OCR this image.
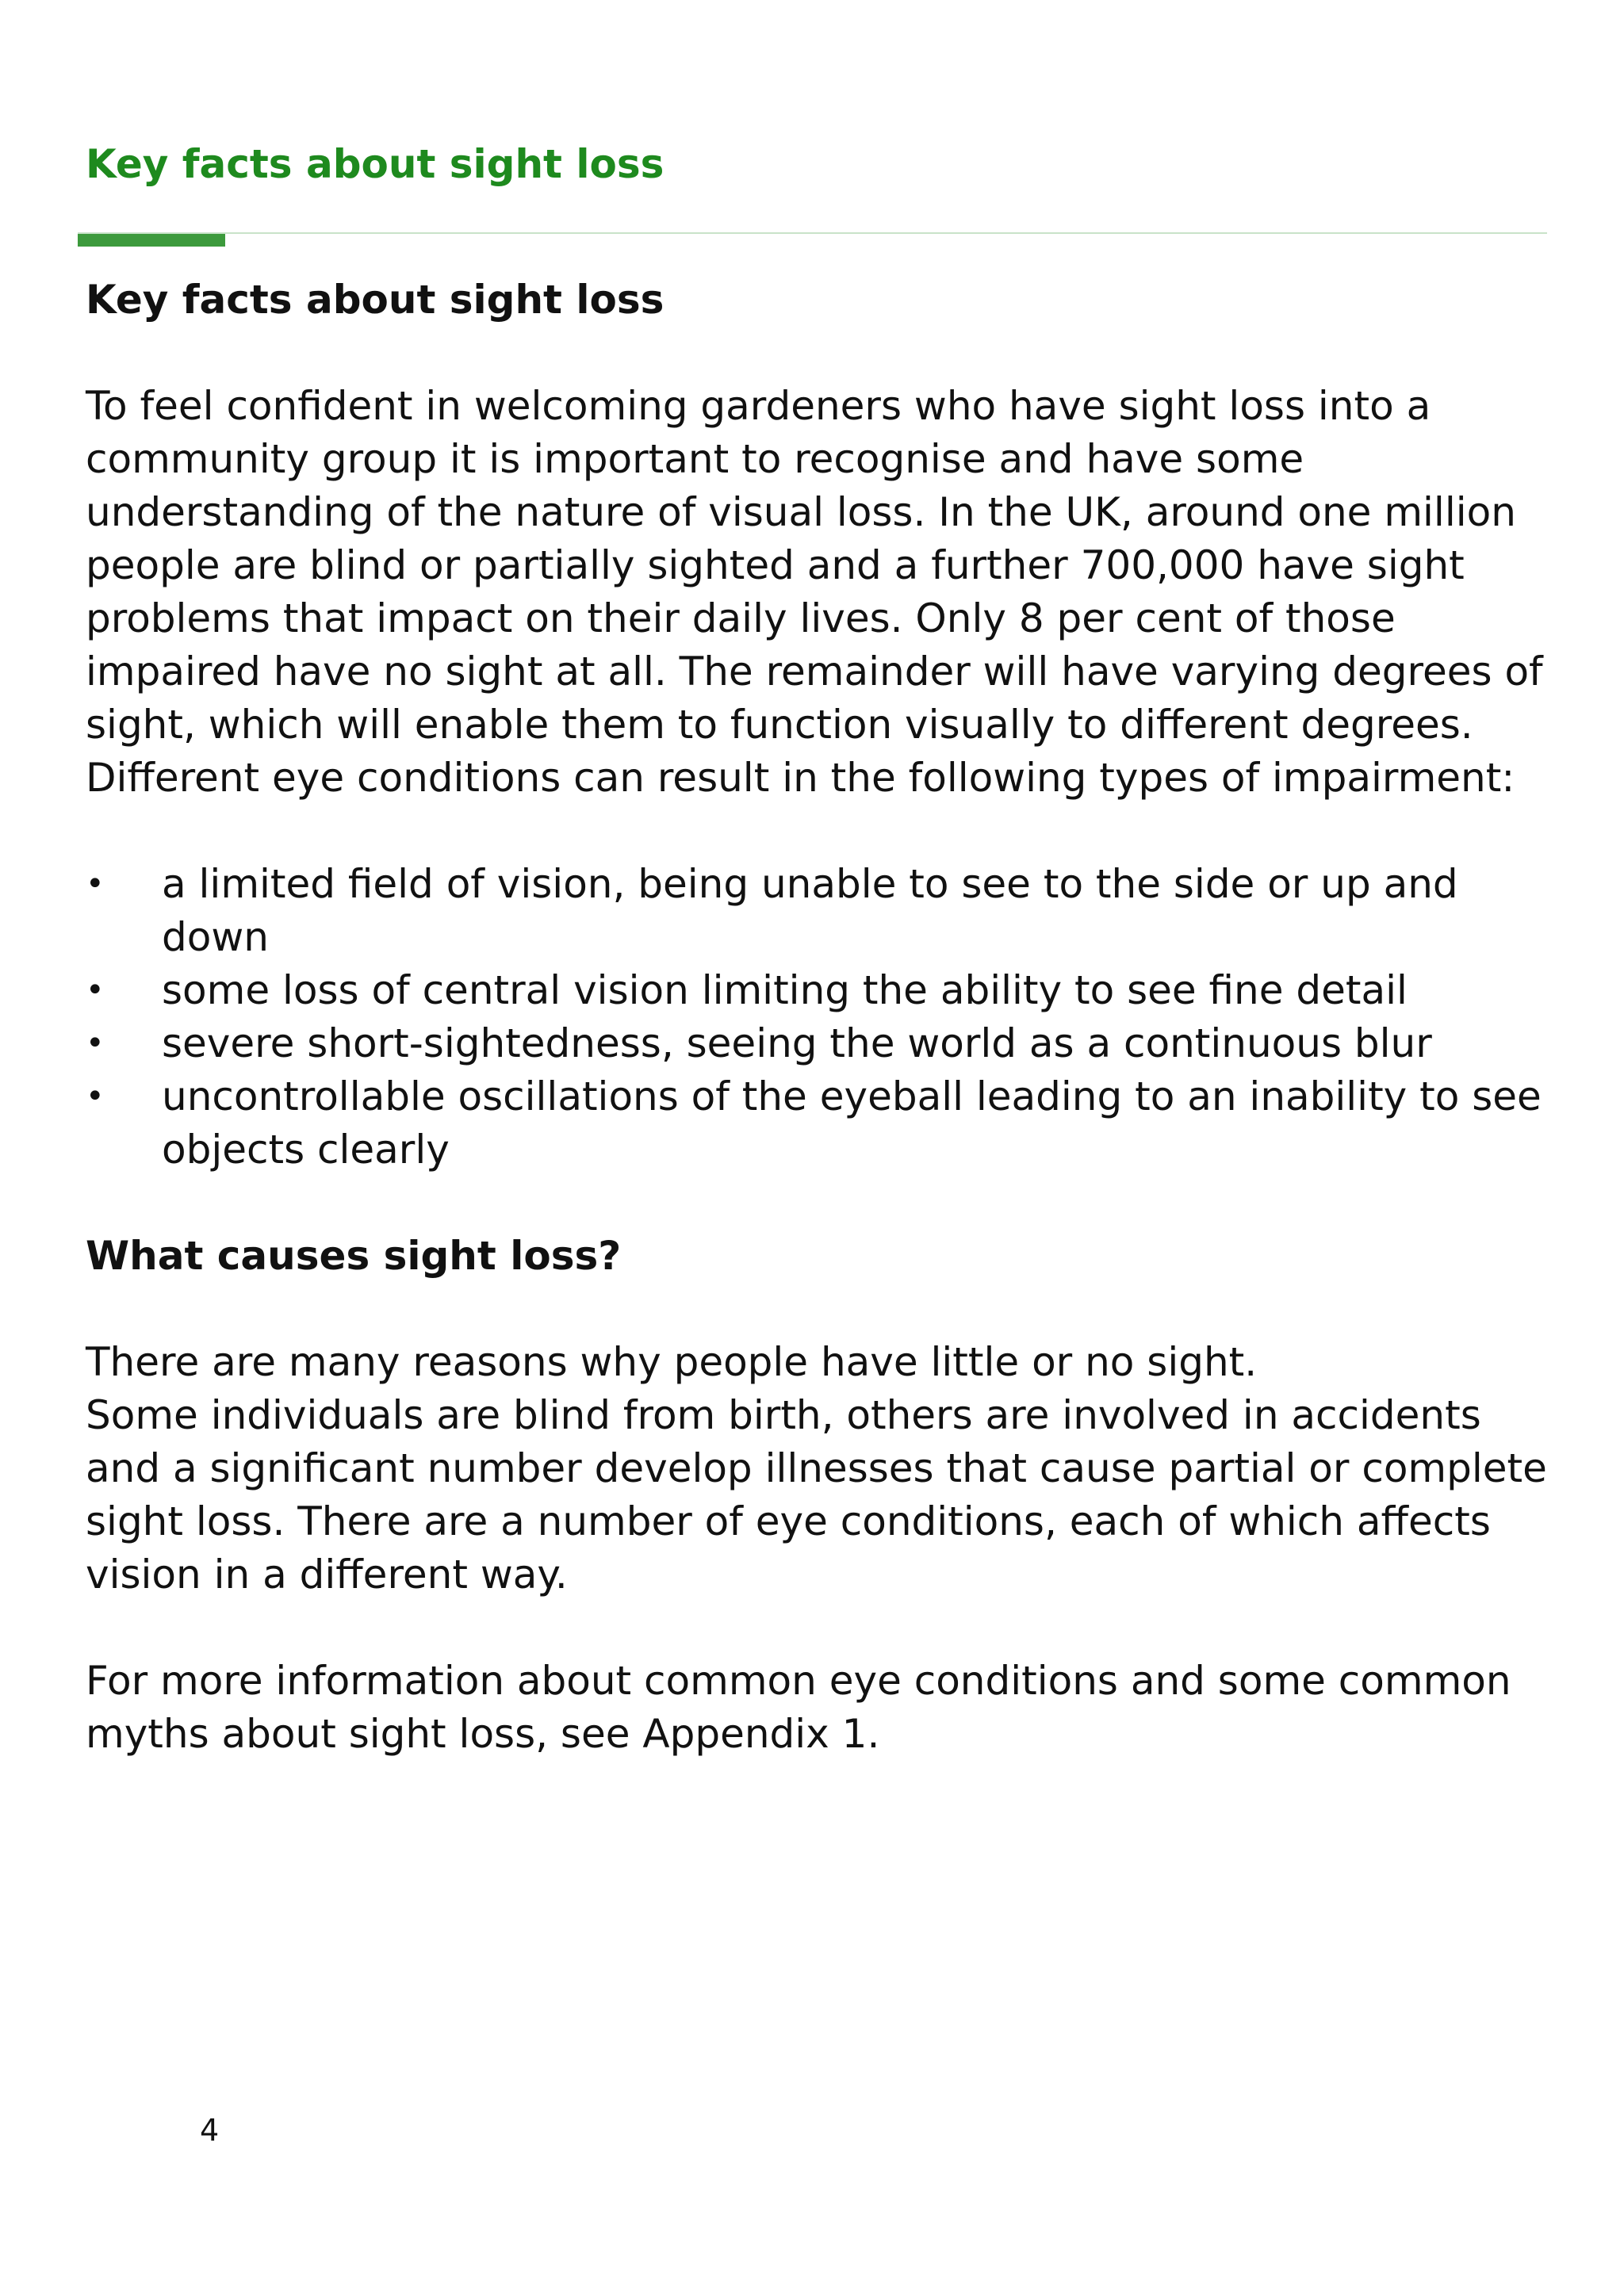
Key facts about sight loss
Key facts about sight loss

To feel confident in welcoming gardeners who have sight loss into a community group it is important to recognise and have some understanding of the nature of visual loss. In the UK, around one million people are blind or partially sighted and a further 700,000 have sight problems that impact on their daily lives. Only 8 per cent of those impaired have no sight at all. The remainder will have varying degrees of sight, which will enable them to function visually to different degrees. Different eye conditions can result in the following types of impairment:

• a limited field of vision, being unable to see to the side or up and down
• some loss of central vision limiting the ability to see fine detail
• severe short-sightedness, seeing the world as a continuous blur
• uncontrollable oscillations of the eyeball leading to an inability to see objects clearly
What causes sight loss?

There are many reasons why people have little or no sight.

Some individuals are blind from birth, others are involved in accidents and a significant number develop illnesses that cause partial or complete sight loss. There are a number of eye conditions, each of which affects vision in a different way.

For more information about common eye conditions and some common myths about sight loss, see Appendix 1.

4
